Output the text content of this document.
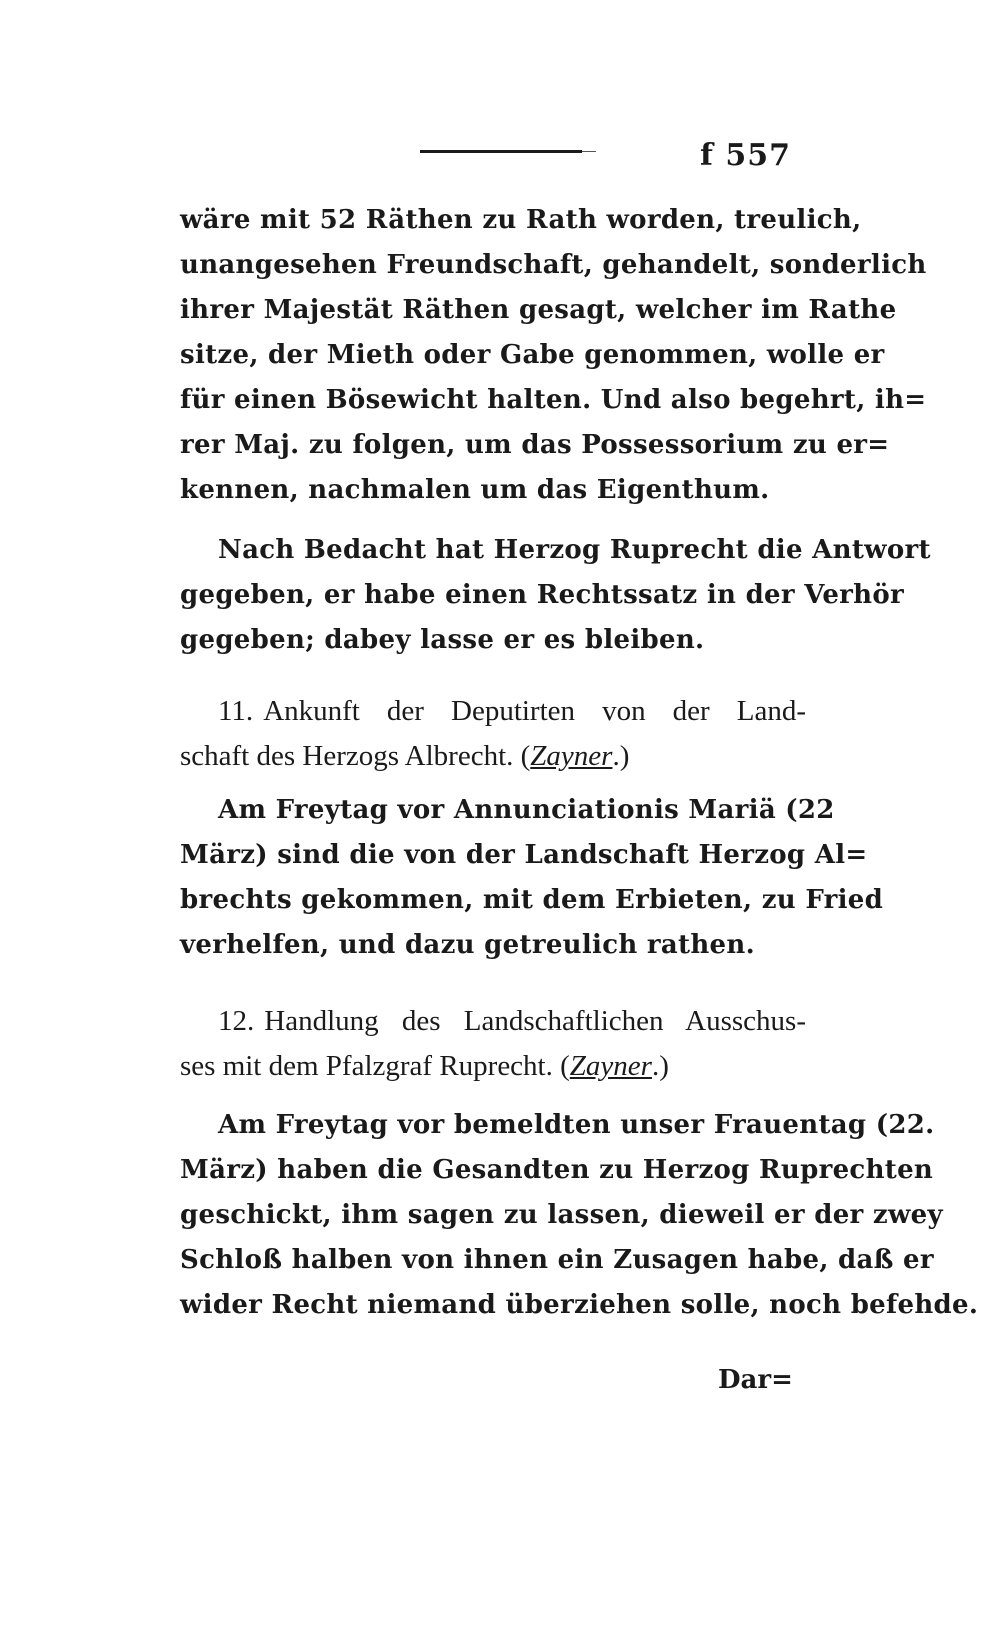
f 557
wäre mit 52 Räthen zu Rath worden, treulich,
unangesehen Freundschaft, gehandelt, sonderlich
ihrer Majestät Räthen gesagt, welcher im Rathe
sitze, der Mieth oder Gabe genommen, wolle er
für einen Bösewicht halten. Und also begehrt, ih=
rer Maj. zu folgen, um das Possessorium zu er=
kennen, nachmalen um das Eigenthum.
Nach Bedacht hat Herzog Ruprecht die Antwort
gegeben, er habe einen Rechtssatz in der Verhör
gegeben; dabey lasse er es bleiben.
11. Ankunft der Deputirten von der Land-
schaft des Herzogs Albrecht. (Zayner.)
Am Freytag vor Annunciationis Mariä (22
März) sind die von der Landschaft Herzog Al=
brechts gekommen, mit dem Erbieten, zu Fried
verhelfen, und dazu getreulich rathen.
12. Handlung des Landschaftlichen Ausschus-
ses mit dem Pfalzgraf Ruprecht. (Zayner.)
Am Freytag vor bemeldten unser Frauentag (22.
März) haben die Gesandten zu Herzog Ruprechten
geschickt, ihm sagen zu lassen, dieweil er der zwey
Schloß halben von ihnen ein Zusagen habe, daß er
wider Recht niemand überziehen solle, noch befehde.
Dar=
